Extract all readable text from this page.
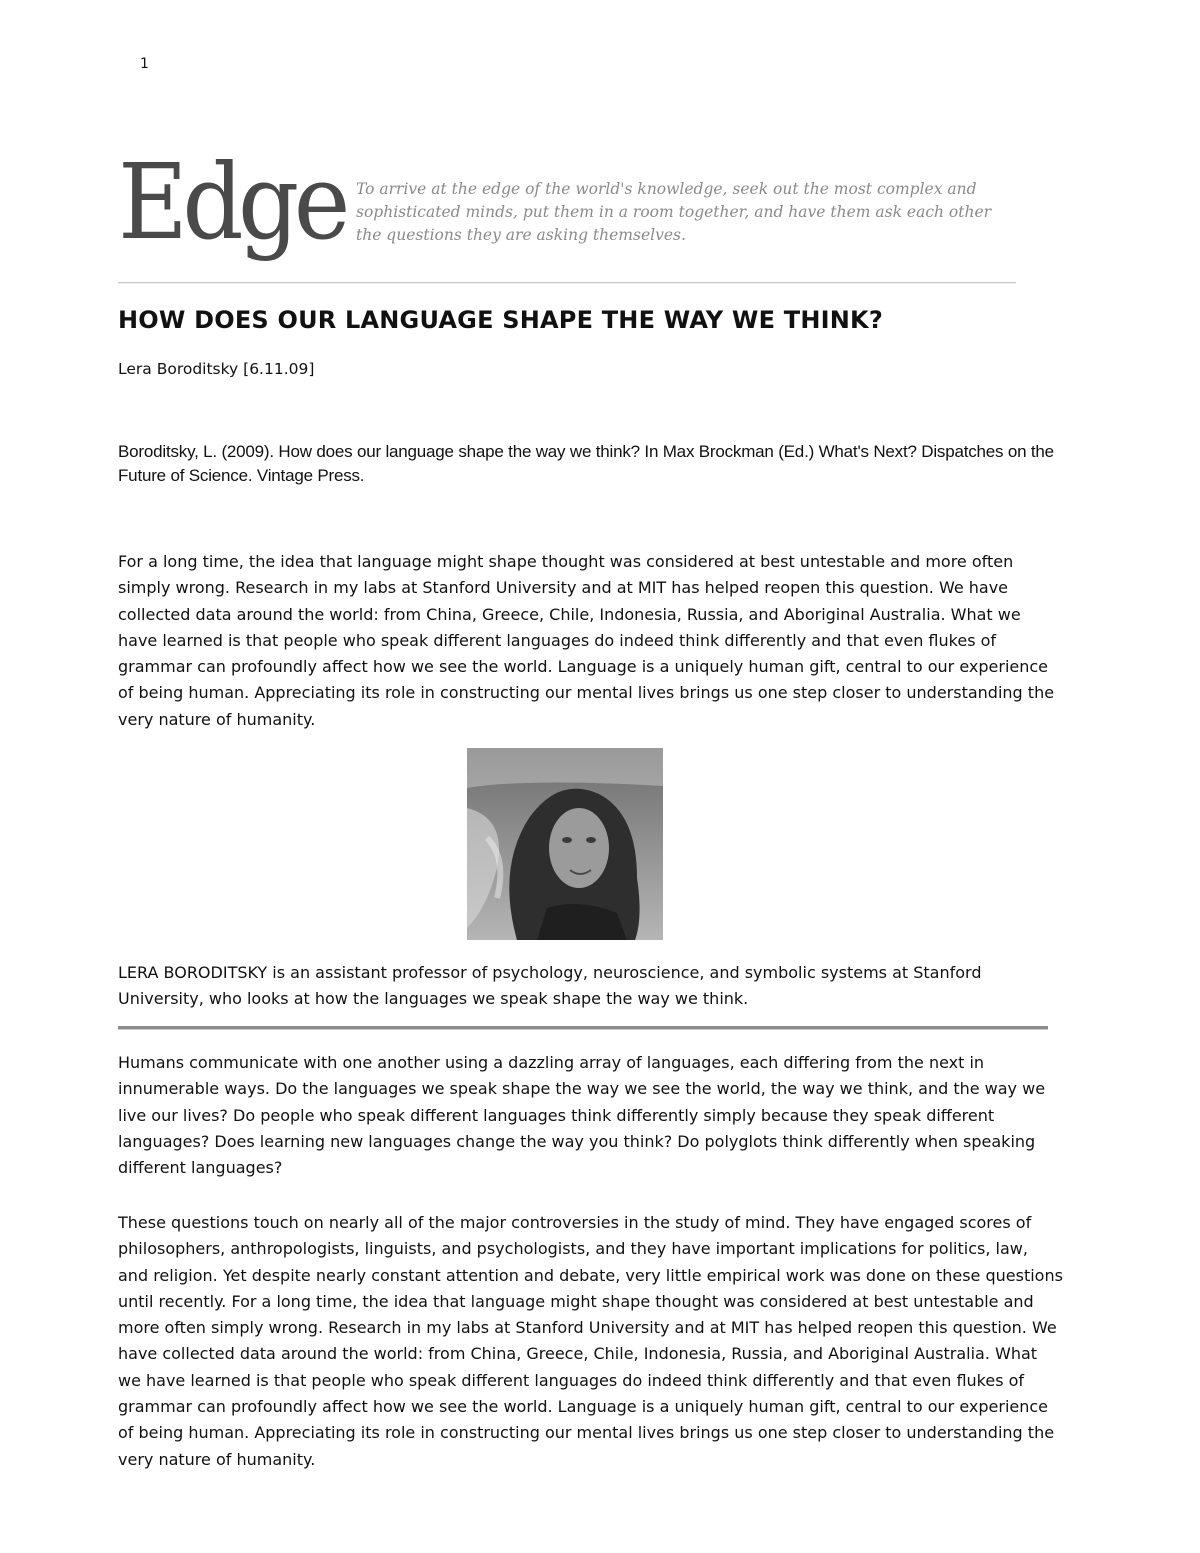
1
Edge To arrive at the edge of the world's knowledge, seek out the most complex and sophisticated minds, put them in a room together, and have them ask each other the questions they are asking themselves.
HOW DOES OUR LANGUAGE SHAPE THE WAY WE THINK?
Lera Boroditsky [6.11.09]
Boroditsky, L. (2009). How does our language shape the way we think? In Max Brockman (Ed.) What's Next? Dispatches on the Future of Science. Vintage Press.

For a long time, the idea that language might shape thought was considered at best untestable and more often simply wrong. Research in my labs at Stanford University and at MIT has helped reopen this question. We have collected data around the world: from China, Greece, Chile, Indonesia, Russia, and Aboriginal Australia. What we have learned is that people who speak different languages do indeed think differently and that even flukes of grammar can profoundly affect how we see the world. Language is a uniquely human gift, central to our experience of being human. Appreciating its role in constructing our mental lives brings us one step closer to understanding the very nature of humanity.

LERA BORODITSKY is an assistant professor of psychology, neuroscience, and symbolic systems at Stanford University, who looks at how the languages we speak shape the way we think.

Humans communicate with one another using a dazzling array of languages, each differing from the next in innumerable ways. Do the languages we speak shape the way we see the world, the way we think, and the way we live our lives? Do people who speak different languages think differently simply because they speak different languages? Does learning new languages change the way you think? Do polyglots think differently when speaking different languages?

These questions touch on nearly all of the major controversies in the study of mind. They have engaged scores of philosophers, anthropologists, linguists, and psychologists, and they have important implications for politics, law, and religion. Yet despite nearly constant attention and debate, very little empirical work was done on these questions until recently. For a long time, the idea that language might shape thought was considered at best untestable and more often simply wrong. Research in my labs at Stanford University and at MIT has helped reopen this question. We have collected data around the world: from China, Greece, Chile, Indonesia, Russia, and Aboriginal Australia. What we have learned is that people who speak different languages do indeed think differently and that even flukes of grammar can profoundly affect how we see the world. Language is a uniquely human gift, central to our experience of being human. Appreciating its role in constructing our mental lives brings us one step closer to understanding the very nature of humanity.
